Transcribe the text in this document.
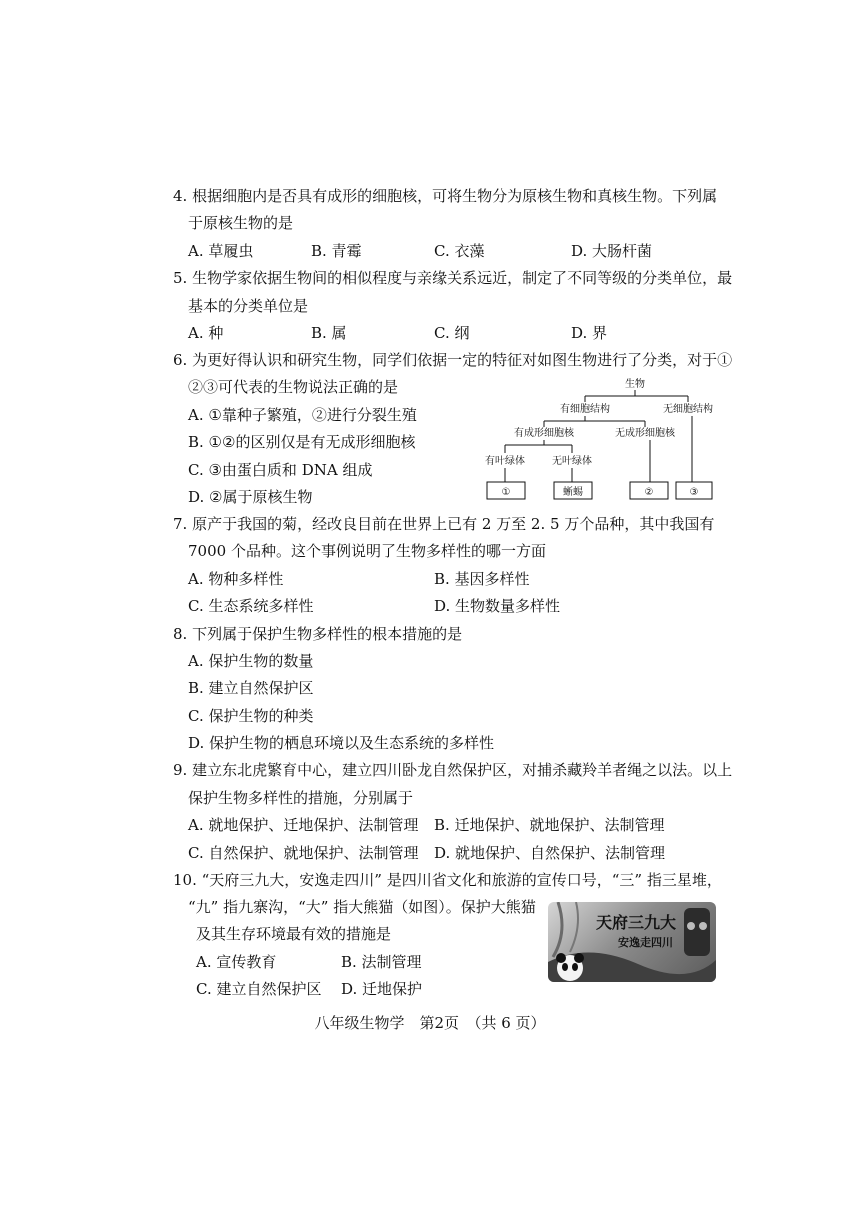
4. 根据细胞内是否具有成形的细胞核，可将生物分为原核生物和真核生物。下列属
于原核生物的是
A. 草履虫	B. 青霉	C. 衣藻	D. 大肠杆菌
5. 生物学家依据生物间的相似程度与亲缘关系远近，制定了不同等级的分类单位，最
基本的分类单位是
A. 种	B. 属	C. 纲	D. 界
6. 为更好得认识和研究生物，同学们依据一定的特征对如图生物进行了分类，对于①
②③可代表的生物说法正确的是
A. ①靠种子繁殖，②进行分裂生殖
B. ①②的区别仅是有无成形细胞核
C. ③由蛋白质和 DNA 组成
D. ②属于原核生物
生物
有细胞结构	无细胞结构
有成形细胞核	无成形细胞核
有叶绿体	无叶绿体
①	蜥蜴	②	③
7. 原产于我国的菊，经改良目前在世界上已有 2 万至 2. 5 万个品种，其中我国有
7000 个品种。这个事例说明了生物多样性的哪一方面
A. 物种多样性	B. 基因多样性
C. 生态系统多样性	D. 生物数量多样性
8. 下列属于保护生物多样性的根本措施的是
A. 保护生物的数量
B. 建立自然保护区
C. 保护生物的种类
D. 保护生物的栖息环境以及生态系统的多样性
9. 建立东北虎繁育中心，建立四川卧龙自然保护区，对捕杀藏羚羊者绳之以法。以上
保护生物多样性的措施，分别属于
A. 就地保护、迁地保护、法制管理 B. 迁地保护、就地保护、法制管理
C. 自然保护、就地保护、法制管理 D. 就地保护、自然保护、法制管理
10. “天府三九大，安逸走四川” 是四川省文化和旅游的宣传口号，“三” 指三星堆，
“九” 指九寨沟，“大” 指大熊猫（如图）。保护大熊猫
及其生存环境最有效的措施是
A. 宣传教育	B. 法制管理
C. 建立自然保护区 D. 迁地保护
天府三九大
安逸走四川
八年级生物学　第2页　（共 6 页）
